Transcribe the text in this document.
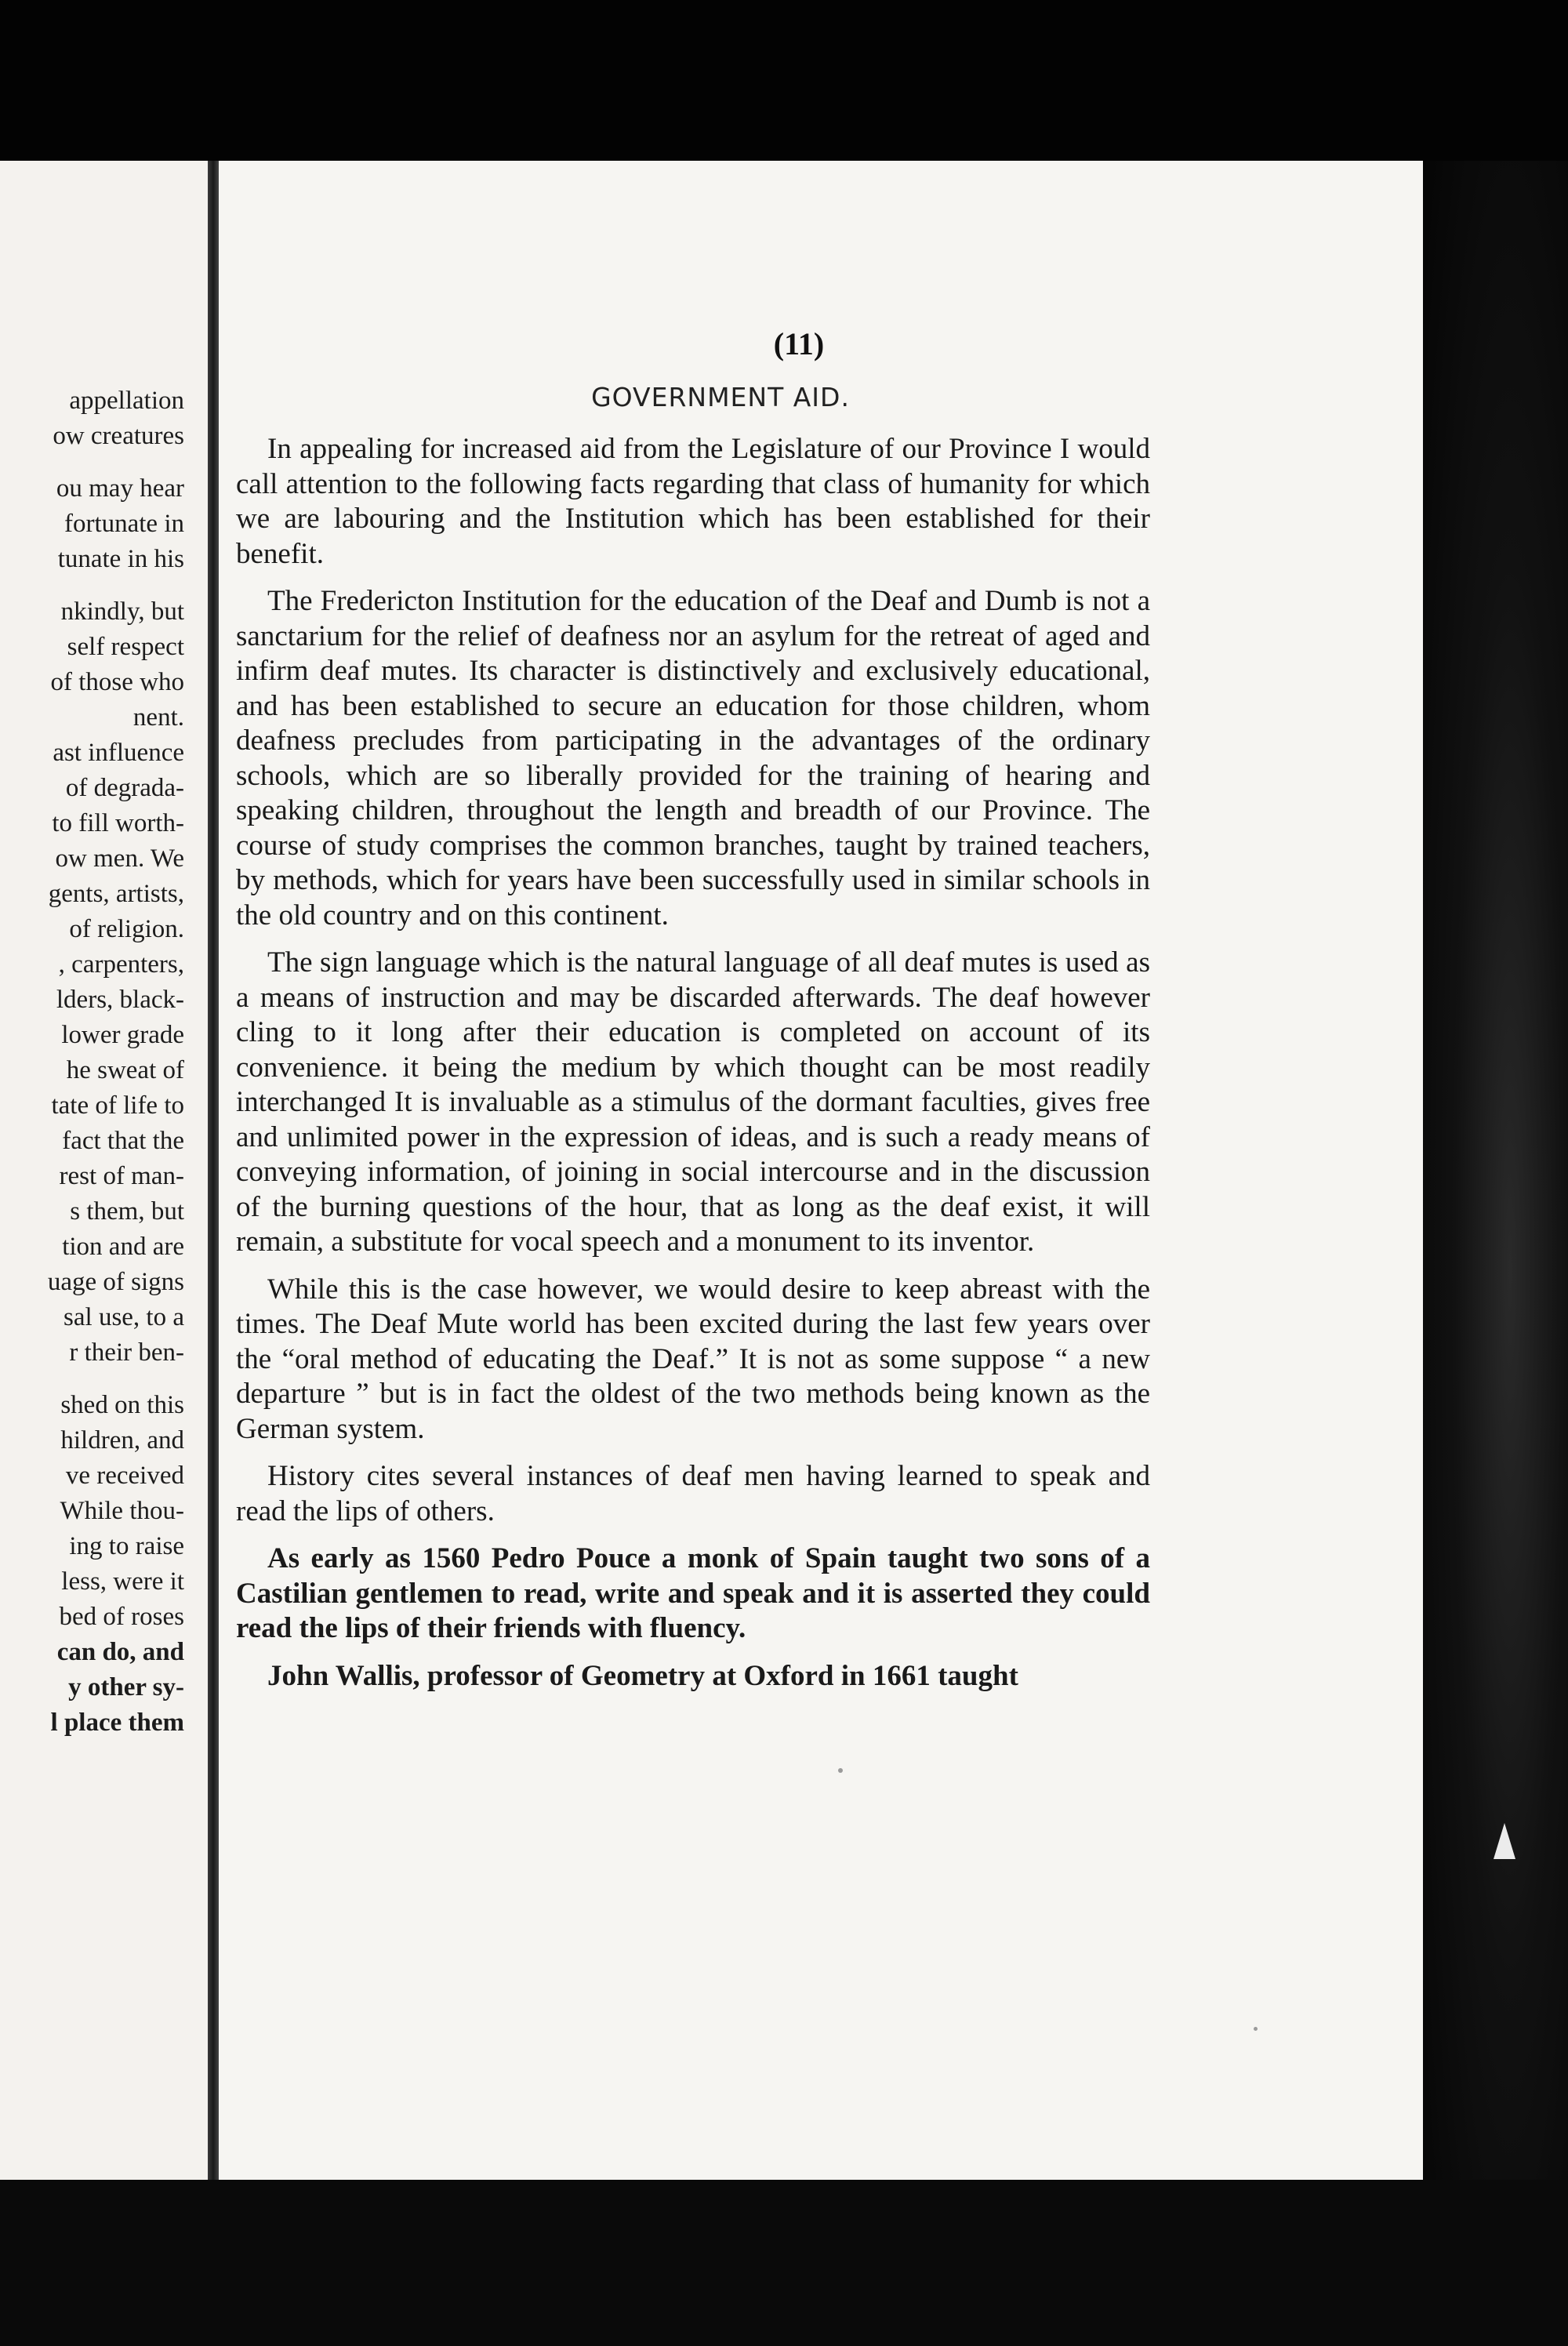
appellation
ow creatures
ou may hear
fortunate in
tunate in his
nkindly, but
self respect
of those who
nent.
ast influence
of degrada-
to fill worth-
ow men. We
gents, artists,
of religion.
, carpenters,
lders, black-
lower grade
he sweat of
tate of life to
fact that the
rest of man-
s them, but
tion and are
uage of signs
sal use, to a
r their ben-
shed on this
hildren, and
ve received
While thou-
ing to raise
less, were it
bed of roses
can do, and
y other sy-
l place them
(11)
GOVERNMENT AID.

In appealing for increased aid from the Legislature of our Province I would call attention to the following facts regarding that class of humanity for which we are labouring and the Institution which has been established for their benefit.

The Fredericton Institution for the education of the Deaf and Dumb is not a sanctarium for the relief of deafness nor an asylum for the retreat of aged and infirm deaf mutes. Its character is distinctively and exclusively educational, and has been established to secure an education for those children, whom deafness precludes from participating in the advantages of the ordinary schools, which are so liberally provided for the training of hearing and speaking children, throughout the length and breadth of our Province. The course of study comprises the common branches, taught by trained teachers, by methods, which for years have been successfully used in similar schools in the old country and on this continent.

The sign language which is the natural language of all deaf mutes is used as a means of instruction and may be discarded afterwards. The deaf however cling to it long after their education is completed on account of its convenience. it being the medium by which thought can be most readily interchanged It is invaluable as a stimulus of the dormant faculties, gives free and unlimited power in the expression of ideas, and is such a ready means of conveying information, of joining in social intercourse and in the discussion of the burning questions of the hour, that as long as the deaf exist, it will remain, a substitute for vocal speech and a monument to its inventor.

While this is the case however, we would desire to keep abreast with the times. The Deaf Mute world has been excited during the last few years over the “oral method of educating the Deaf.” It is not as some suppose “ a new departure ” but is in fact the oldest of the two methods being known as the German system.

History cites several instances of deaf men having learned to speak and read the lips of others.

As early as 1560 Pedro Pouce a monk of Spain taught two sons of a Castilian gentlemen to read, write and speak and it is asserted they could read the lips of their friends with fluency.

John Wallis, professor of Geometry at Oxford in 1661 taught
